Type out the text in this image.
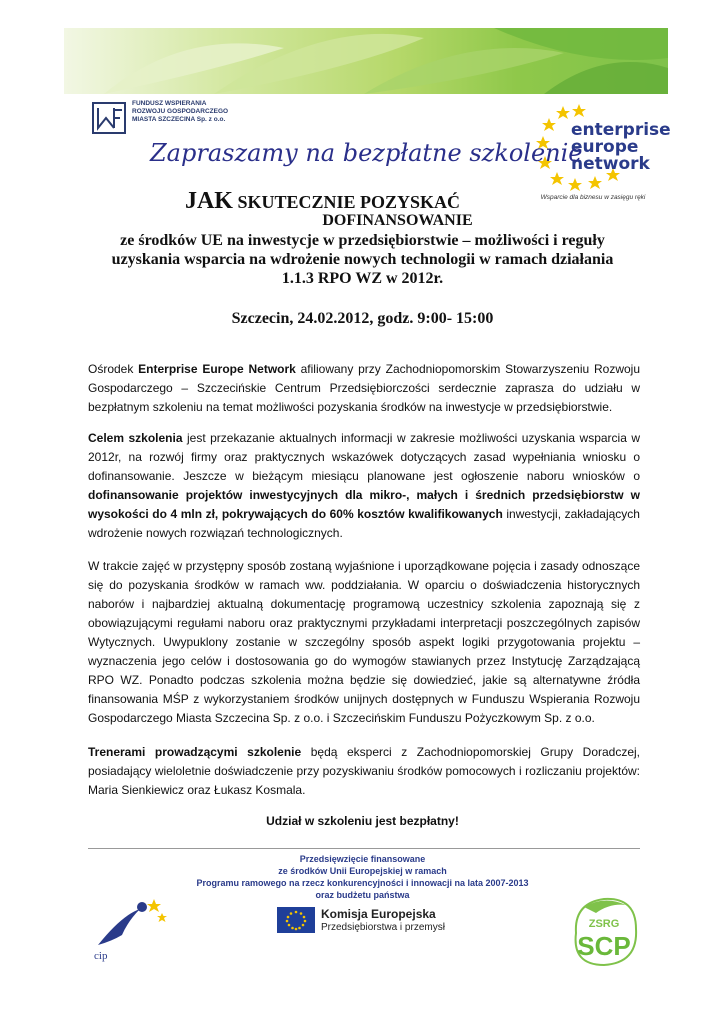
FUNDUSZ WSPIERANIA
ROZWOJU GOSPODARCZEGO
MIASTA SZCZECINA Sp. z o.o.
enterprise
europe
network
Wsparcie dla biznesu w zasięgu ręki
Zapraszamy na bezpłatne szkolenie
JAK SKUTECZNIE POZYSKAĆ
DOFINANSOWANIE
ze środków UE na inwestycje w przedsiębiorstwie – możliwości i reguły
uzyskania wsparcia na wdrożenie nowych technologii w ramach działania
1.1.3 RPO WZ w 2012r.
Szczecin, 24.02.2012, godz. 9:00- 15:00
Ośrodek Enterprise Europe Network afiliowany przy Zachodniopomorskim Stowarzyszeniu Rozwoju Gospodarczego – Szczecińskie Centrum Przedsiębiorczości serdecznie zaprasza do udziału w bezpłatnym szkoleniu na temat możliwości pozyskania środków na inwestycje w przedsiębiorstwie.
Celem szkolenia jest przekazanie aktualnych informacji w zakresie możliwości uzyskania wsparcia w 2012r, na rozwój firmy oraz praktycznych wskazówek dotyczących zasad wypełniania wniosku o dofinansowanie. Jeszcze w bieżącym miesiącu planowane jest ogłoszenie naboru wniosków o dofinansowanie projektów inwestycyjnych dla mikro-, małych i średnich przedsiębiorstw w wysokości do 4 mln zł, pokrywających do 60% kosztów kwalifikowanych inwestycji, zakładających wdrożenie nowych rozwiązań technologicznych.
W trakcie zajęć w przystępny sposób zostaną wyjaśnione i uporządkowane pojęcia i zasady odnoszące się do pozyskania środków w ramach ww. poddziałania. W oparciu o doświadczenia historycznych naborów i najbardziej aktualną dokumentację programową uczestnicy szkolenia zapoznają się z obowiązującymi regułami naboru oraz praktycznymi przykładami interpretacji poszczególnych zapisów Wytycznych. Uwypuklony zostanie w szczególny sposób aspekt logiki przygotowania projektu – wyznaczenia jego celów i dostosowania go do wymogów stawianych przez Instytucję Zarządzającą RPO WZ. Ponadto podczas szkolenia można będzie się dowiedzieć, jakie są alternatywne źródła finansowania MŚP z wykorzystaniem środków unijnych dostępnych w Funduszu Wspierania Rozwoju Gospodarczego Miasta Szczecina Sp. z o.o. i Szczecińskim Funduszu Pożyczkowym Sp. z o.o.
Trenerami prowadzącymi szkolenie będą eksperci z Zachodniopomorskiej Grupy Doradczej, posiadający wieloletnie doświadczenie przy pozyskiwaniu środków pomocowych i rozliczaniu projektów: Maria Sienkiewicz oraz Łukasz Kosmala.
Udział w szkoleniu jest bezpłatny!
Przedsięwzięcie finansowane
ze środków Unii Europejskiej w ramach
Programu ramowego na rzecz konkurencyjności i innowacji na lata 2007-2013
oraz budżetu państwa
cip
Komisja Europejska
Przedsiębiorstwa i przemysł	ZSRG
SCP
